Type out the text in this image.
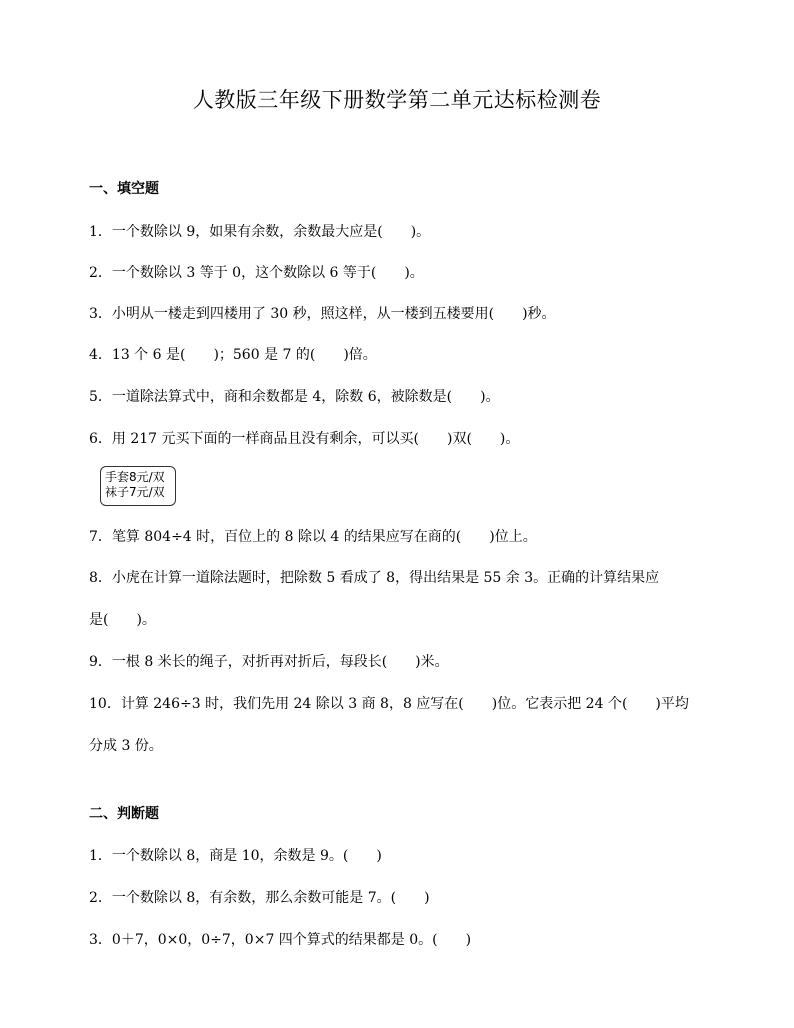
人教版三年级下册数学第二单元达标检测卷
一、填空题
1．一个数除以 9，如果有余数，余数最大应是(　　)。
2．一个数除以 3 等于 0，这个数除以 6 等于(　　)。
3．小明从一楼走到四楼用了 30 秒，照这样，从一楼到五楼要用(　　)秒。
4．13 个 6 是(　　)；560 是 7 的(　　)倍。
5．一道除法算式中，商和余数都是 4，除数 6，被除数是(　　)。
6．用 217 元买下面的一样商品且没有剩余，可以买(　　)双(　　)。
手套8元/双
袜子7元/双
7．笔算 804÷4 时，百位上的 8 除以 4 的结果应写在商的(　　)位上。
8．小虎在计算一道除法题时，把除数 5 看成了 8，得出结果是 55 余 3。正确的计算结果应
是(　　)。
9．一根 8 米长的绳子，对折再对折后，每段长(　　)米。
10．计算 246÷3 时，我们先用 24 除以 3 商 8，8 应写在(　　)位。它表示把 24 个(　　)平均
分成 3 份。
二、判断题
1．一个数除以 8，商是 10，余数是 9。(　　)
2．一个数除以 8，有余数，那么余数可能是 7。(　　)
3．0＋7，0×0，0÷7，0×7 四个算式的结果都是 0。(　　)
